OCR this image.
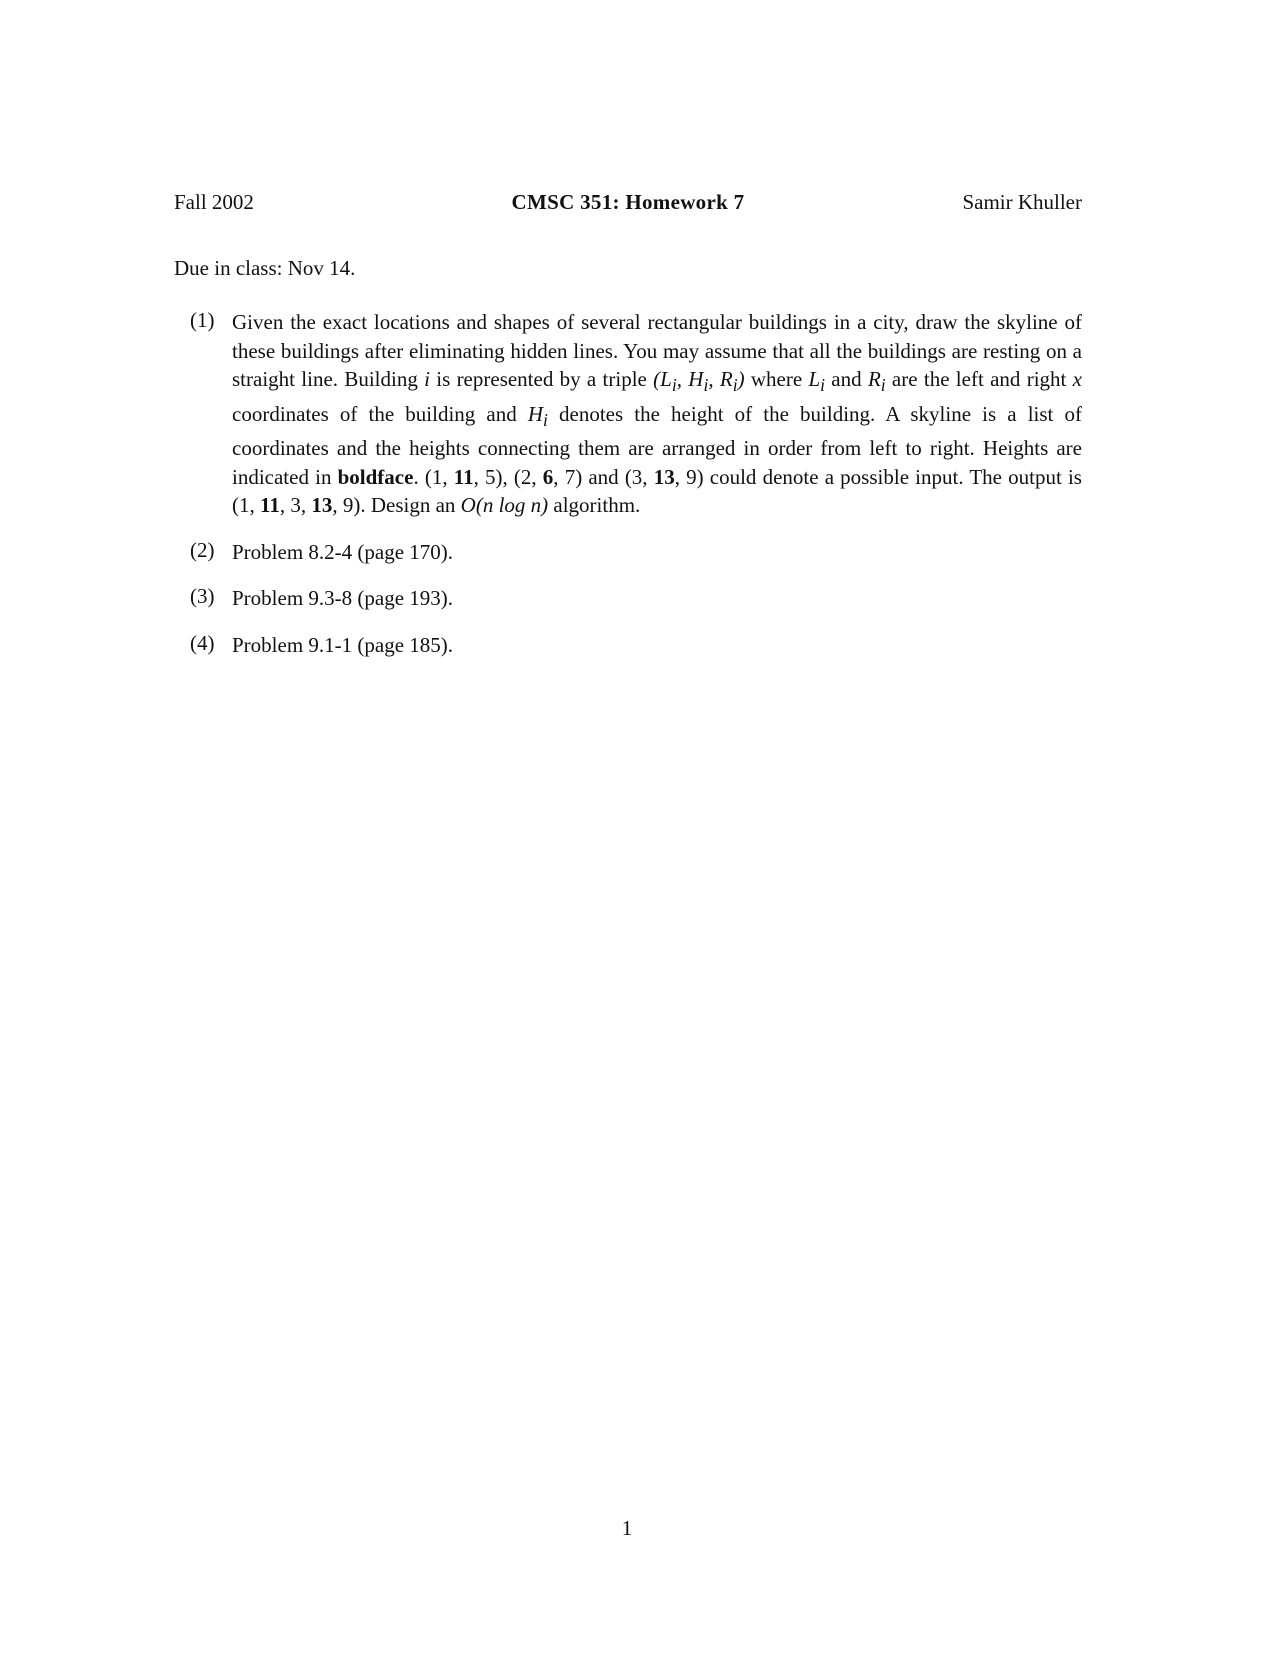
Fall 2002	CMSC 351: Homework 7	Samir Khuller
Due in class: Nov 14.
(1) Given the exact locations and shapes of several rectangular buildings in a city, draw the skyline of these buildings after eliminating hidden lines. You may assume that all the buildings are resting on a straight line. Building i is represented by a triple ($L_i$, $H_i$, $R_i$) where $L_i$ and $R_i$ are the left and right x coordinates of the building and $H_i$ denotes the height of the building. A skyline is a list of coordinates and the heights connecting them are arranged in order from left to right. Heights are indicated in boldface. (1, 11, 5), (2, 6, 7) and (3, 13, 9) could denote a possible input. The output is (1, 11, 3, 13, 9). Design an O(n log n) algorithm.
(2) Problem 8.2-4 (page 170).
(3) Problem 9.3-8 (page 193).
(4) Problem 9.1-1 (page 185).
1
